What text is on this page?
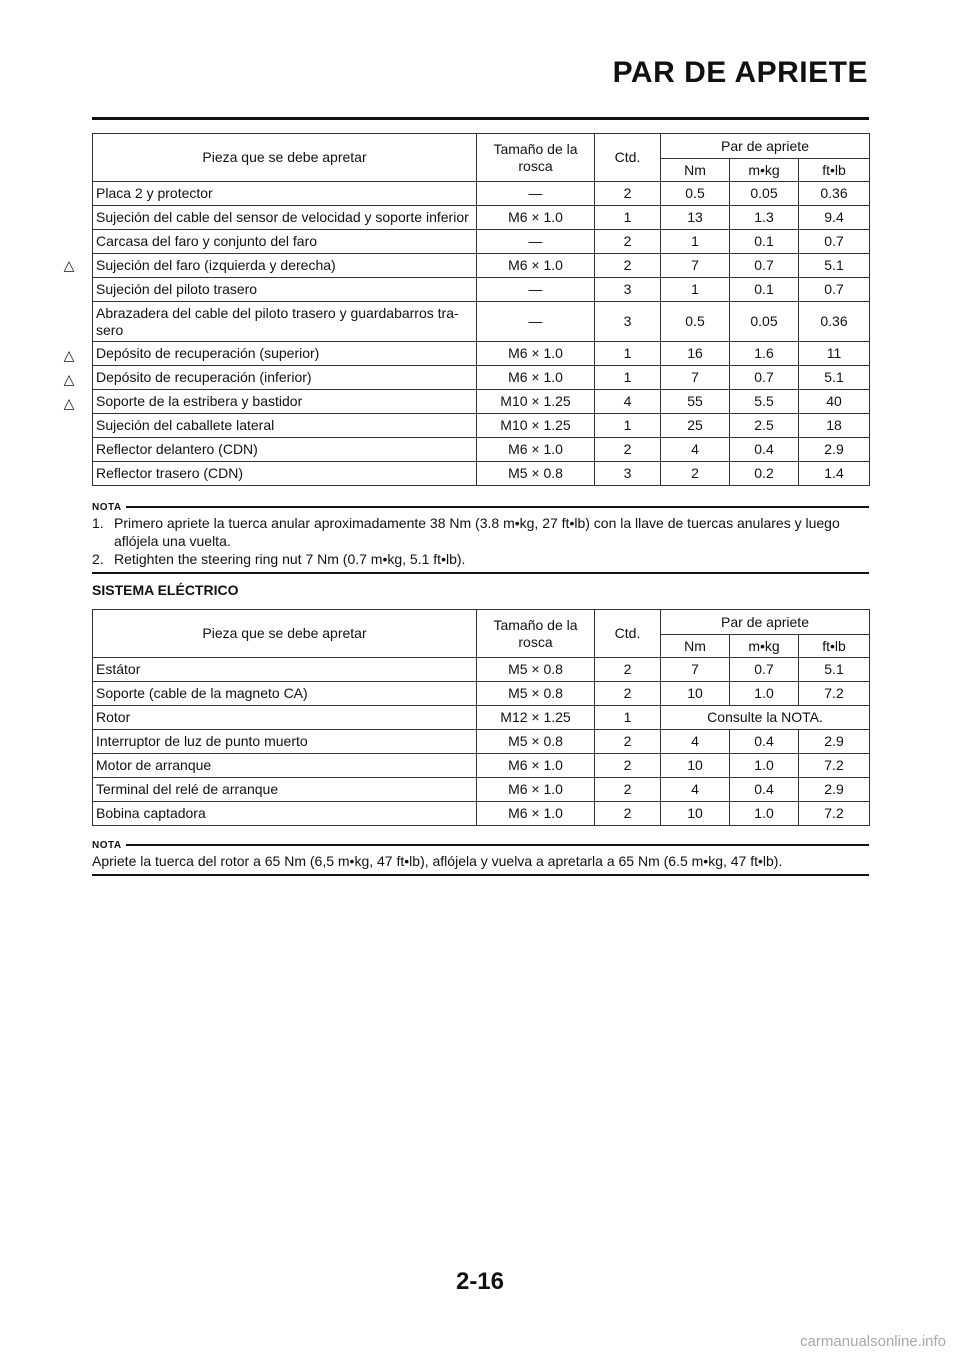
PAR DE APRIETE
Pieza que se debe apretar	Tamaño de la rosca	Ctd.	Par de apriete		
			Nm	m•kg	ft•lb
Placa 2 y protector	—	2	0.5	0.05	0.36
Sujeción del cable del sensor de velocidad y soporte inferior	M6 × 1.0	1	13	1.3	9.4
Carcasa del faro y conjunto del faro	—	2	1	0.1	0.7
Sujeción del faro (izquierda y derecha)	M6 × 1.0	2	7	0.7	5.1
Sujeción del piloto trasero	—	3	1	0.1	0.7
Abrazadera del cable del piloto trasero y guardabarros tra-sero	—	3	0.5	0.05	0.36
Depósito de recuperación (superior)	M6 × 1.0	1	16	1.6	11
Depósito de recuperación (inferior)	M6 × 1.0	1	7	0.7	5.1
Soporte de la estribera y bastidor	M10 × 1.25	4	55	5.5	40
Sujeción del caballete lateral	M10 × 1.25	1	25	2.5	18
Reflector delantero (CDN)	M6 × 1.0	2	4	0.4	2.9
Reflector trasero (CDN)	M5 × 0.8	3	2	0.2	1.4
△
△
△
△
NOTA
1. Primero apriete la tuerca anular aproximadamente 38 Nm (3.8 m•kg, 27 ft•lb) con la llave de tuercas anulares y luego aflójela una vuelta.
2. Retighten the steering ring nut 7 Nm (0.7 m•kg, 5.1 ft•lb).
SISTEMA ELÉCTRICO
Pieza que se debe apretar	Tamaño de la rosca	Ctd.	Par de apriete		
			Nm	m•kg	ft•lb
Estátor	M5 × 0.8	2	7	0.7	5.1
Soporte (cable de la magneto CA)	M5 × 0.8	2	10	1.0	7.2
Rotor	M12 × 1.25	1	Consulte la NOTA.		
Interruptor de luz de punto muerto	M5 × 0.8	2	4	0.4	2.9
Motor de arranque	M6 × 1.0	2	10	1.0	7.2
Terminal del relé de arranque	M6 × 1.0	2	4	0.4	2.9
Bobina captadora	M6 × 1.0	2	10	1.0	7.2
NOTA
Apriete la tuerca del rotor a 65 Nm (6,5 m•kg, 47 ft•lb), aflójela y vuelva a apretarla a 65 Nm (6.5 m•kg, 47 ft•lb).
2-16
carmanualsonline.info
